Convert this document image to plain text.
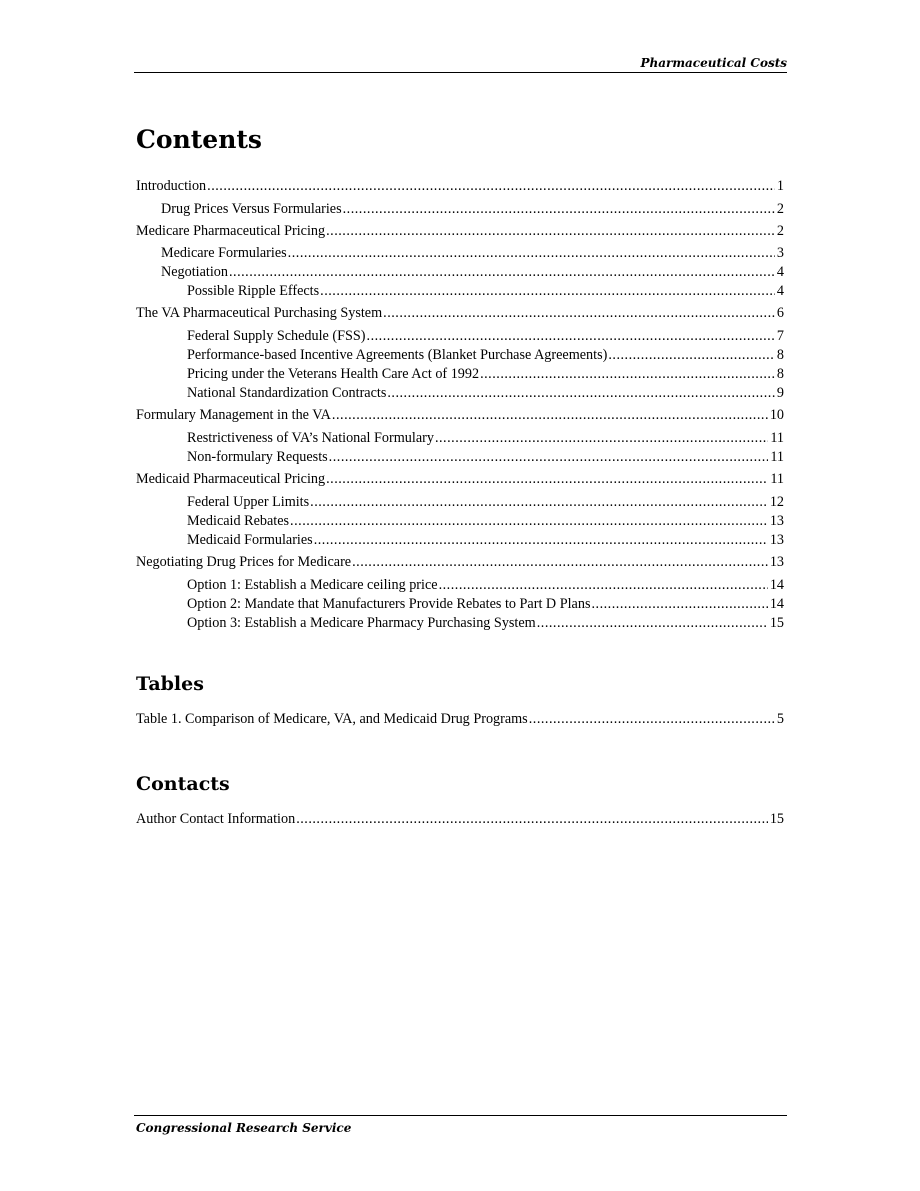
Pharmaceutical Costs
Contents
Introduction .....	1
Drug Prices Versus Formularies .....	2
Medicare Pharmaceutical Pricing .....	2
Medicare Formularies .....	3
Negotiation .....	4
Possible Ripple Effects .....	4
The VA Pharmaceutical Purchasing System .....	6
Federal Supply Schedule (FSS) .....	7
Performance-based Incentive Agreements (Blanket Purchase Agreements) .....	8
Pricing under the Veterans Health Care Act of 1992 .....	8
National Standardization Contracts .....	9
Formulary Management in the VA .....	10
Restrictiveness of VA’s National Formulary .....	11
Non-formulary Requests .....	11
Medicaid Pharmaceutical Pricing .....	11
Federal Upper Limits .....	12
Medicaid Rebates .....	13
Medicaid Formularies .....	13
Negotiating Drug Prices for Medicare .....	13
Option 1: Establish a Medicare ceiling price .....	14
Option 2: Mandate that Manufacturers Provide Rebates to Part D Plans .....	14
Option 3: Establish a Medicare Pharmacy Purchasing System .....	15
Tables
Table 1. Comparison of Medicare, VA, and Medicaid Drug Programs .....	5
Contacts
Author Contact Information .....	15
Congressional Research Service
